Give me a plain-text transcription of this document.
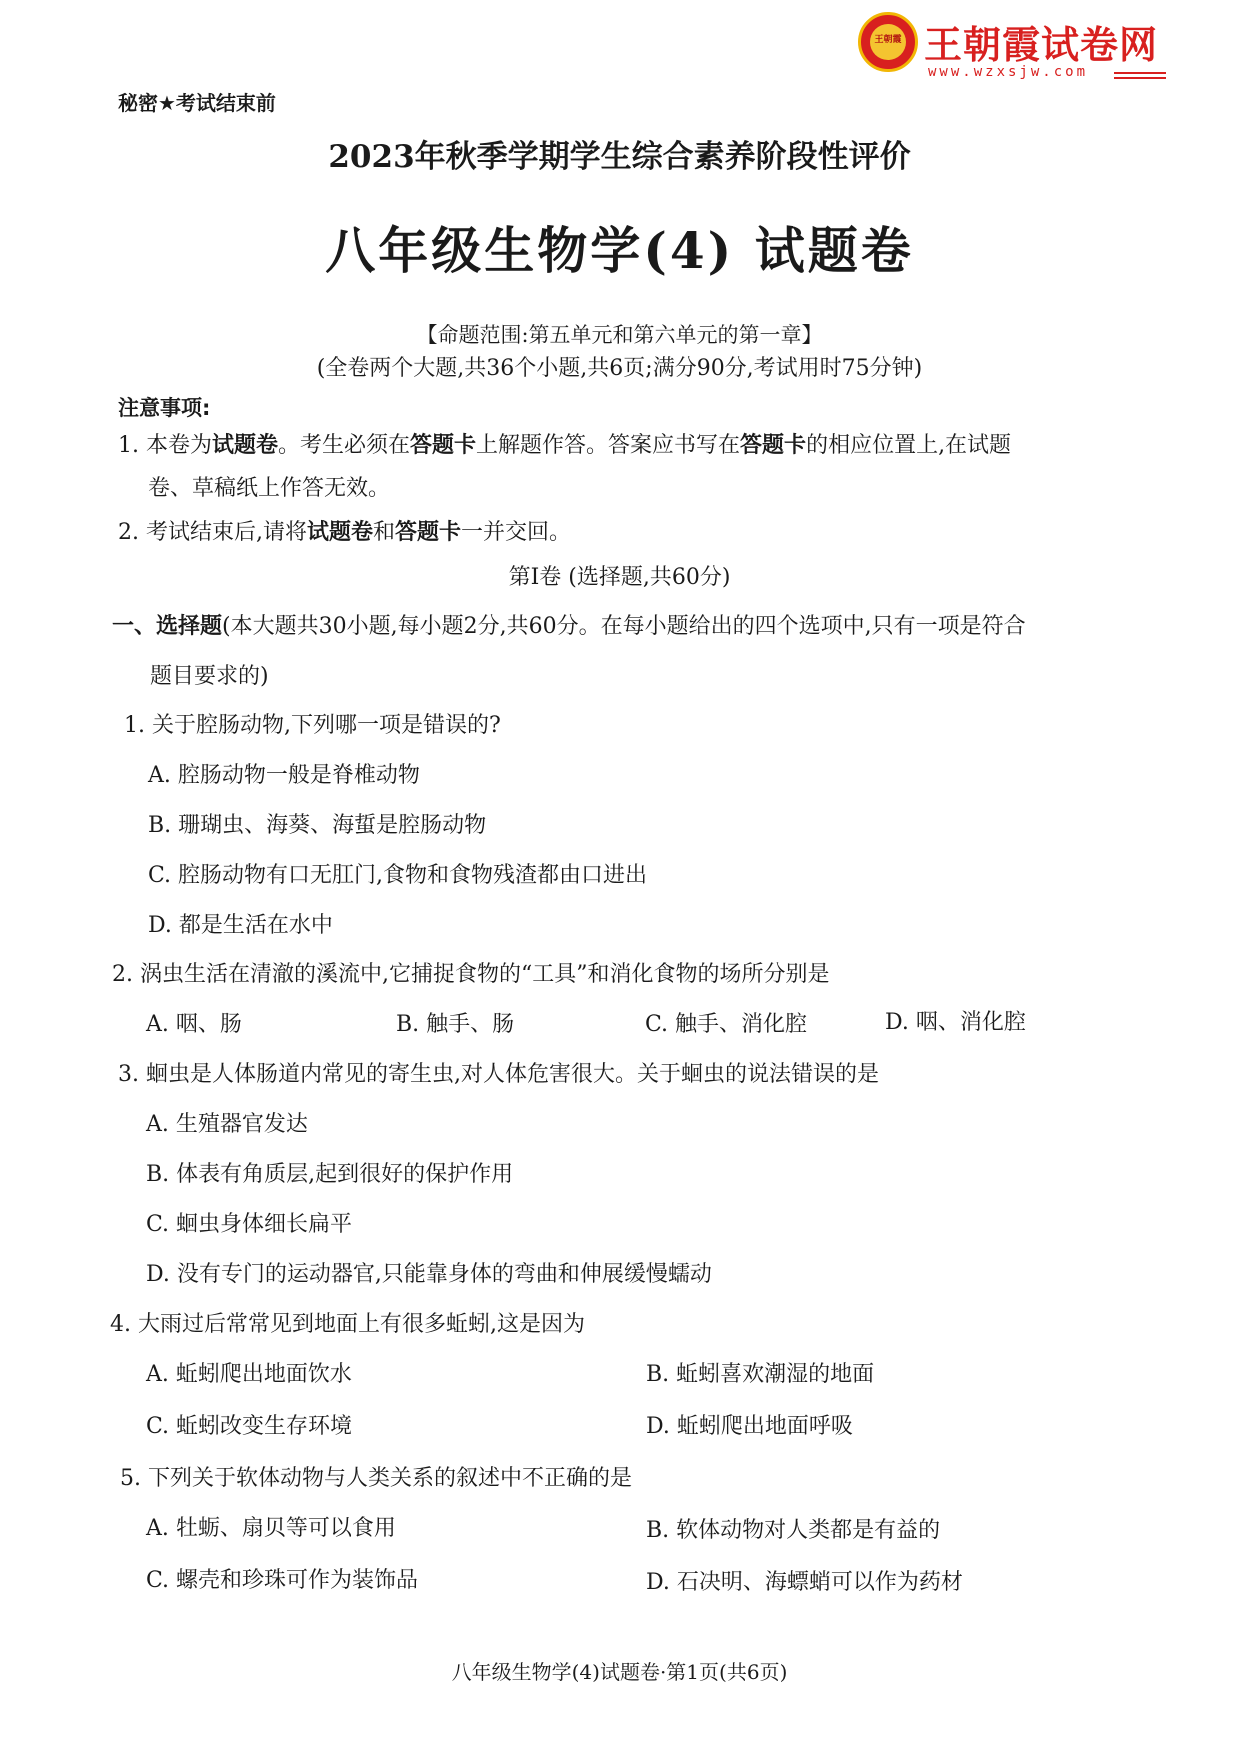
王朝霞 王朝霞试卷网
www.wzxsjw.com
秘密★考试结束前
2023年秋季学期学生综合素养阶段性评价
八年级生物学(4) 试题卷
【命题范围:第五单元和第六单元的第一章】
(全卷两个大题,共36个小题,共6页;满分90分,考试用时75分钟)
注意事项:
1. 本卷为试题卷。考生必须在答题卡上解题作答。答案应书写在答题卡的相应位置上,在试题
卷、草稿纸上作答无效。
2. 考试结束后,请将试题卷和答题卡一并交回。
第Ⅰ卷 (选择题,共60分)
一、选择题(本大题共30小题,每小题2分,共60分。在每小题给出的四个选项中,只有一项是符合
题目要求的)
1. 关于腔肠动物,下列哪一项是错误的?
A. 腔肠动物一般是脊椎动物
B. 珊瑚虫、海葵、海蜇是腔肠动物
C. 腔肠动物有口无肛门,食物和食物残渣都由口进出
D. 都是生活在水中
2. 涡虫生活在清澈的溪流中,它捕捉食物的“工具”和消化食物的场所分别是
A. 咽、肠	B. 触手、肠	C. 触手、消化腔	D. 咽、消化腔
3. 蛔虫是人体肠道内常见的寄生虫,对人体危害很大。关于蛔虫的说法错误的是
A. 生殖器官发达
B. 体表有角质层,起到很好的保护作用
C. 蛔虫身体细长扁平
D. 没有专门的运动器官,只能靠身体的弯曲和伸展缓慢蠕动
4. 大雨过后常常见到地面上有很多蚯蚓,这是因为
A. 蚯蚓爬出地面饮水	B. 蚯蚓喜欢潮湿的地面
C. 蚯蚓改变生存环境	D. 蚯蚓爬出地面呼吸
5. 下列关于软体动物与人类关系的叙述中不正确的是
A. 牡蛎、扇贝等可以食用	B. 软体动物对人类都是有益的
C. 螺壳和珍珠可作为装饰品	D. 石决明、海螵蛸可以作为药材
八年级生物学(4)试题卷·第1页(共6页)
